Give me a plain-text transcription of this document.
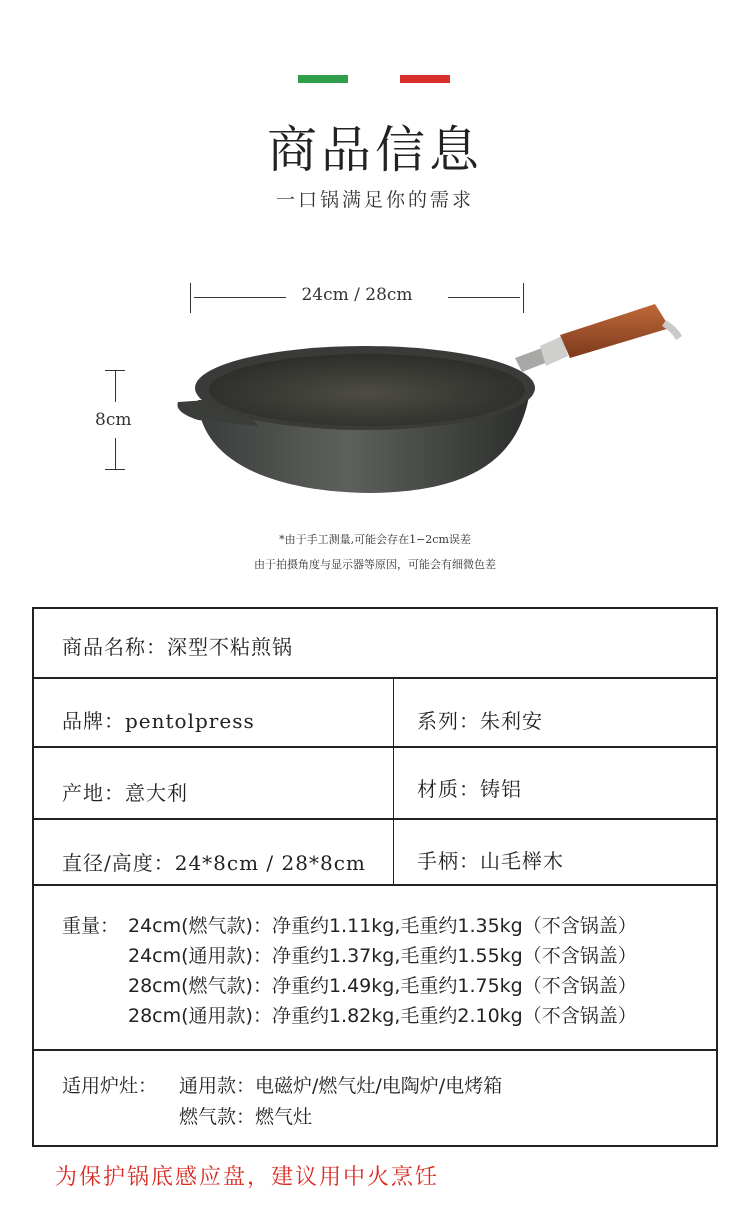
商品信息
一口锅满足你的需求
24cm / 28cm
8cm
*由于手工测量,可能会存在1−2cm误差
由于拍摄角度与显示器等原因，可能会有细微色差
商品名称：深型不粘煎锅
品牌：pentolpress	系列：朱利安
产地：意大利	材质：铸铝
直径/高度：24*8cm / 28*8cm	手柄：山毛榉木
重量： 24cm(燃气款)：净重约1.11kg,毛重约1.35kg（不含锅盖）
24cm(通用款)：净重约1.37kg,毛重约1.55kg（不含锅盖）
28cm(燃气款)：净重约1.49kg,毛重约1.75kg（不含锅盖）
28cm(通用款)：净重约1.82kg,毛重约2.10kg（不含锅盖）
适用炉灶： 通用款：电磁炉/燃气灶/电陶炉/电烤箱
燃气款：燃气灶
为保护锅底感应盘，建议用中火烹饪
